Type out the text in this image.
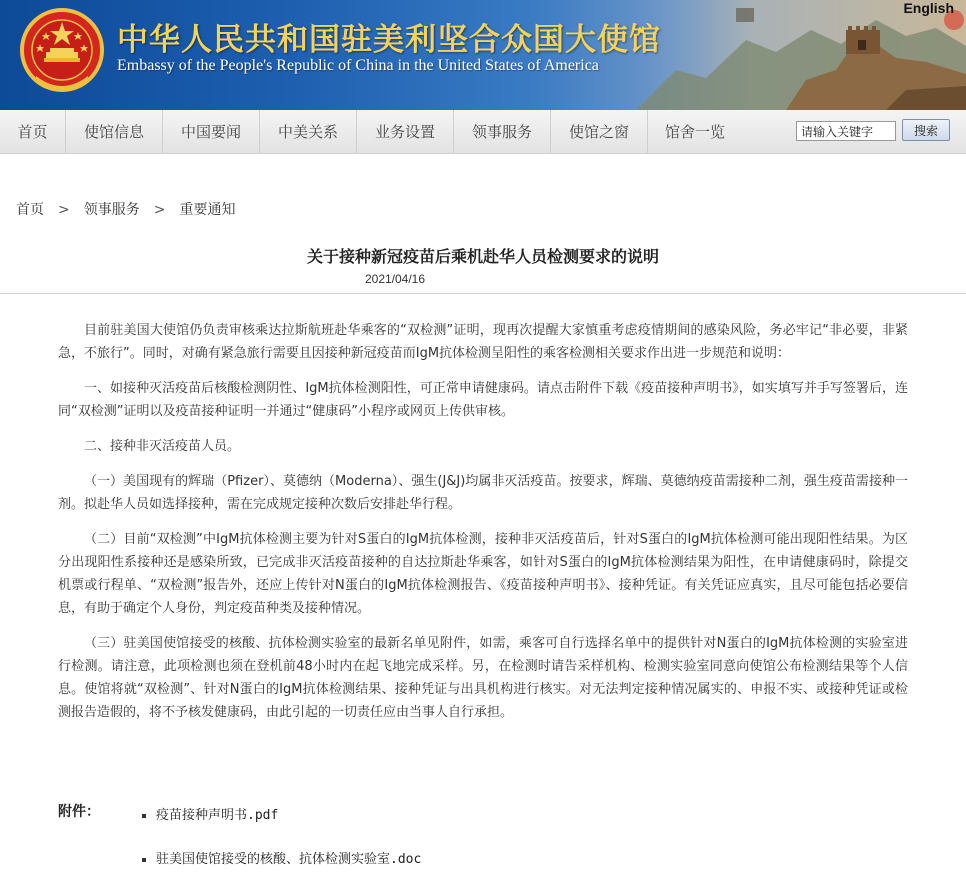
中华人民共和国驻美利坚合众国大使馆
Embassy of the People's Republic of China in the United States of America
English
首页	使馆信息	中国要闻	中美关系	业务设置	领事服务	使馆之窗	馆舍一览
请输入关键字	搜索
首页 > 领事服务 > 重要通知
关于接种新冠疫苗后乘机赴华人员检测要求的说明
2021/04/16

目前驻美国大使馆仍负责审核乘达拉斯航班赴华乘客的“双检测”证明，现再次提醒大家慎重考虑疫情期间的感染风险，务必牢记“非必要，非紧急，不旅行”。同时，对确有紧急旅行需要且因接种新冠疫苗而IgM抗体检测呈阳性的乘客检测相关要求作出进一步规范和说明：

一、如接种灭活疫苗后核酸检测阴性、IgM抗体检测阳性，可正常申请健康码。请点击附件下载《疫苗接种声明书》，如实填写并手写签署后，连同“双检测”证明以及疫苗接种证明一并通过“健康码”小程序或网页上传供审核。

二、接种非灭活疫苗人员。

（一）美国现有的辉瑞（Pfizer）、莫德纳（Moderna）、强生(J&J)均属非灭活疫苗。按要求，辉瑞、莫德纳疫苗需接种二剂，强生疫苗需接种一剂。拟赴华人员如选择接种，需在完成规定接种次数后安排赴华行程。

（二）目前“双检测”中IgM抗体检测主要为针对S蛋白的IgM抗体检测，接种非灭活疫苗后，针对S蛋白的IgM抗体检测可能出现阳性结果。为区分出现阳性系接种还是感染所致，已完成非灭活疫苗接种的自达拉斯赴华乘客，如针对S蛋白的IgM抗体检测结果为阳性，在申请健康码时，除提交机票或行程单、“双检测”报告外，还应上传针对N蛋白的IgM抗体检测报告、《疫苗接种声明书》、接种凭证。有关凭证应真实，且尽可能包括必要信息，有助于确定个人身份，判定疫苗种类及接种情况。

（三）驻美国使馆接受的核酸、抗体检测实验室的最新名单见附件，如需，乘客可自行选择名单中的提供针对N蛋白的IgM抗体检测的实验室进行检测。请注意，此项检测也须在登机前48小时内在起飞地完成采样。另，在检测时请告采样机构、检测实验室同意向使馆公布检测结果等个人信息。使馆将就“双检测”、针对N蛋白的IgM抗体检测结果、接种凭证与出具机构进行核实。对无法判定接种情况属实的、申报不实、或接种凭证或检测报告造假的，将不予核发健康码，由此引起的一切责任应由当事人自行承担。

附件：	疫苗接种声明书.pdf
驻美国使馆接受的核酸、抗体检测实验室.doc
